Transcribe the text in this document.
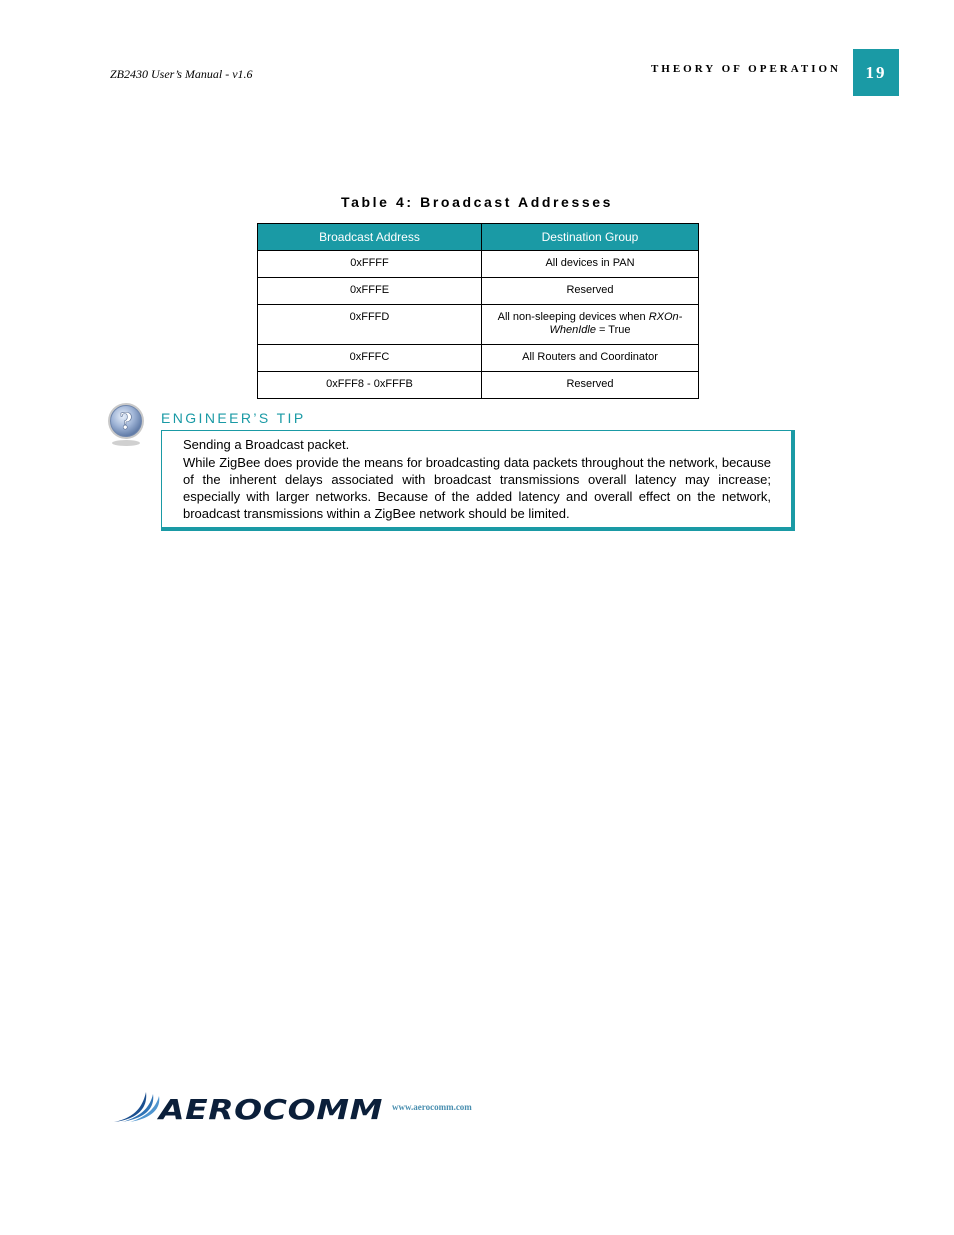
ZB2430 User’s Manual - v1.6	THEORY OF OPERATION	19
Table 4: Broadcast Addresses
Broadcast Address	Destination Group
0xFFFF	All devices in PAN
0xFFFE	Reserved
0xFFFD	All non-sleeping devices when RXOn-WhenIdle = True
0xFFFC	All Routers and Coordinator
0xFFF8 - 0xFFFB	Reserved
? ENGINEER’S TIP
Sending a Broadcast packet.
While ZigBee does provide the means for broadcasting data packets throughout the network, because of the inherent delays associated with broadcast transmissions overall latency may increase; especially with larger networks. Because of the added latency and overall effect on the network, broadcast transmissions within a ZigBee network should be limited.
AEROCOMM www.aerocomm.com
